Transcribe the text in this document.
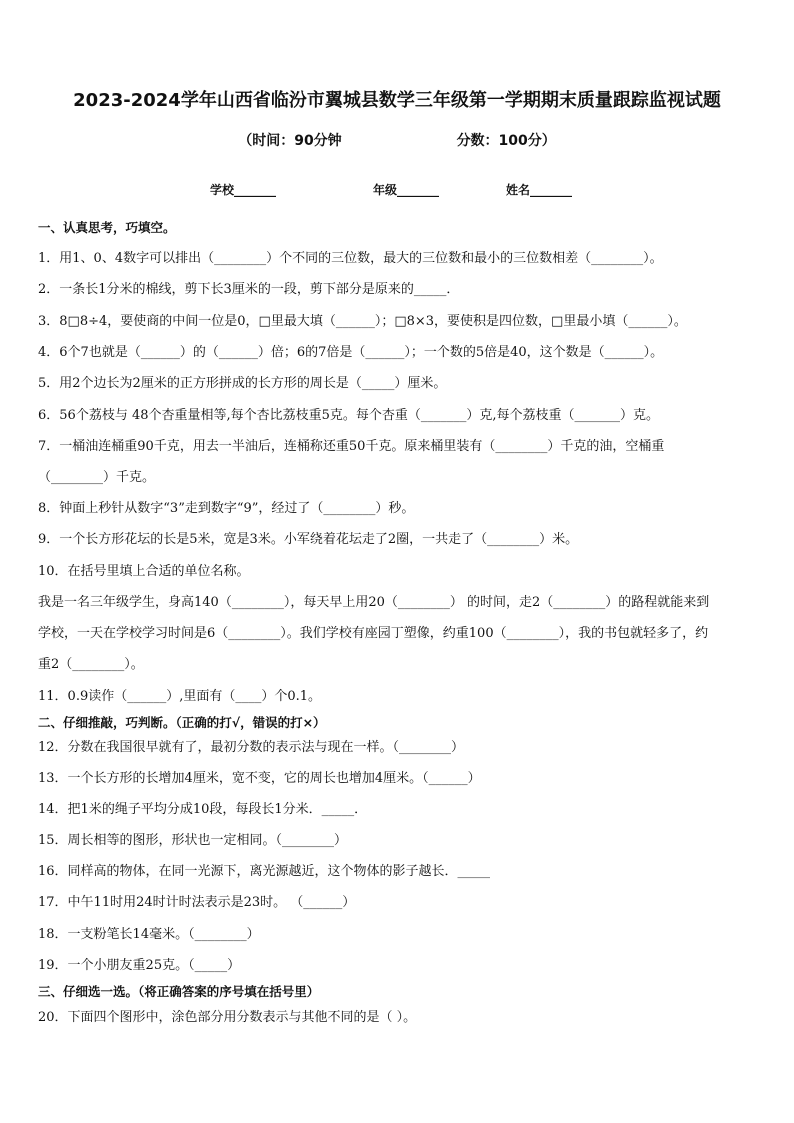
2023-2024学年山西省临汾市翼城县数学三年级第一学期期末质量跟踪监视试题
（时间：90分钟	分数：100分）
学校_______	年级_______	姓名_______
一、认真思考，巧填空。
1．用1、0、4数字可以排出（________）个不同的三位数，最大的三位数和最小的三位数相差（________）。
2．一条长1分米的棉线，剪下长3厘米的一段，剪下部分是原来的_____．
3．8□8÷4，要使商的中间一位是0，□里最大填（______）；□8×3，要使积是四位数，□里最小填（______）。
4．6个7也就是（______）的（______）倍；6的7倍是（______）；一个数的5倍是40，这个数是（______）。
5．用2个边长为2厘米的正方形拼成的长方形的周长是（_____）厘米。
6．56个荔枝与 48个杏重量相等,每个杏比荔枝重5克。每个杏重（_______）克,每个荔枝重（_______）克。
7．一桶油连桶重90千克，用去一半油后，连桶称还重50千克。原来桶里装有（________）千克的油，空桶重
（________）千克。
8．钟面上秒针从数字“3”走到数字“9”，经过了（________）秒。
9．一个长方形花坛的长是5米，宽是3米。小军绕着花坛走了2圈，一共走了（________）米。
10．在括号里填上合适的单位名称。
我是一名三年级学生，身高140（________），每天早上用20（________） 的时间，走2（________）的路程就能来到
学校，一天在学校学习时间是6（________）。我们学校有座园丁塑像，约重100（________），我的书包就轻多了，约
重2（________）。
11．0.9读作（______）,里面有（____）个0.1。
二、仔细推敲，巧判断。（正确的打√，错误的打×）
12．分数在我国很早就有了，最初分数的表示法与现在一样。（________）
13．一个长方形的长增加4厘米，宽不变，它的周长也增加4厘米。（______）
14．把1米的绳子平均分成10段，每段长1分米．_____．
15．周长相等的图形，形状也一定相同。（________）
16．同样高的物体，在同一光源下，离光源越近，这个物体的影子越长．_____
17．中午11时用24时计时法表示是23时。 （______）
18．一支粉笔长14毫米。（________）
19．一个小朋友重25克。（_____）
三、仔细选一选。（将正确答案的序号填在括号里）
20．下面四个图形中，涂色部分用分数表示与其他不同的是（ ）。
